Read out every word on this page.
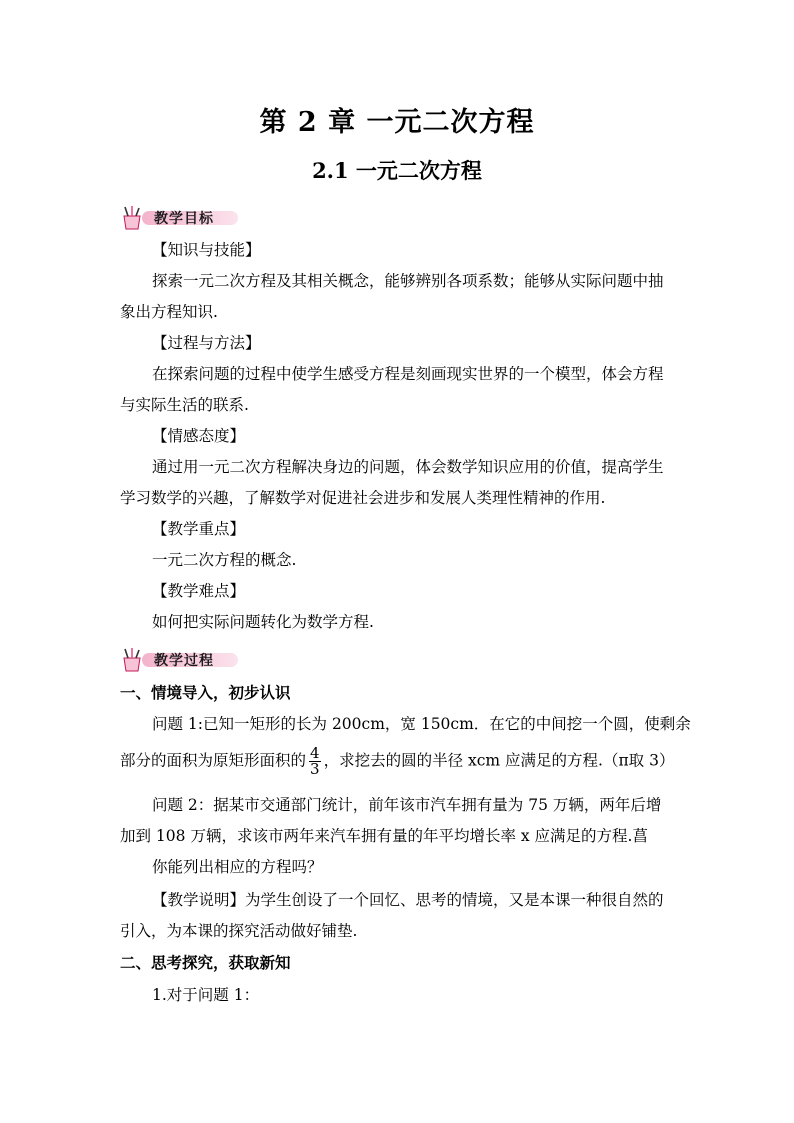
第 2 章 一元二次方程
2.1 一元二次方程
教学目标

【知识与技能】

探索一元二次方程及其相关概念，能够辨别各项系数；能够从实际问题中抽

象出方程知识.

【过程与方法】

在探索问题的过程中使学生感受方程是刻画现实世界的一个模型，体会方程

与实际生活的联系.

【情感态度】

通过用一元二次方程解决身边的问题，体会数学知识应用的价值，提高学生

学习数学的兴趣，了解数学对促进社会进步和发展人类理性精神的作用.

【教学重点】

一元二次方程的概念.

【教学难点】

如何把实际问题转化为数学方程.

教学过程

一、情境导入，初步认识

问题 1:已知一矩形的长为 200cm，宽 150cm．在它的中间挖一个圆，使剩余

部分的面积为原矩形面积的 $\frac{4}{3}$ ，求挖去的圆的半径 xcm 应满足的方程.（π取 3）

问题 2：据某市交通部门统计，前年该市汽车拥有量为 75 万辆，两年后增

加到 108 万辆，求该市两年来汽车拥有量的年平均增长率 x 应满足的方程.菖

你能列出相应的方程吗？

【教学说明】为学生创设了一个回忆、思考的情境，又是本课一种很自然的

引入，为本课的探究活动做好铺垫.

二、思考探究，获取新知

1.对于问题 1：
